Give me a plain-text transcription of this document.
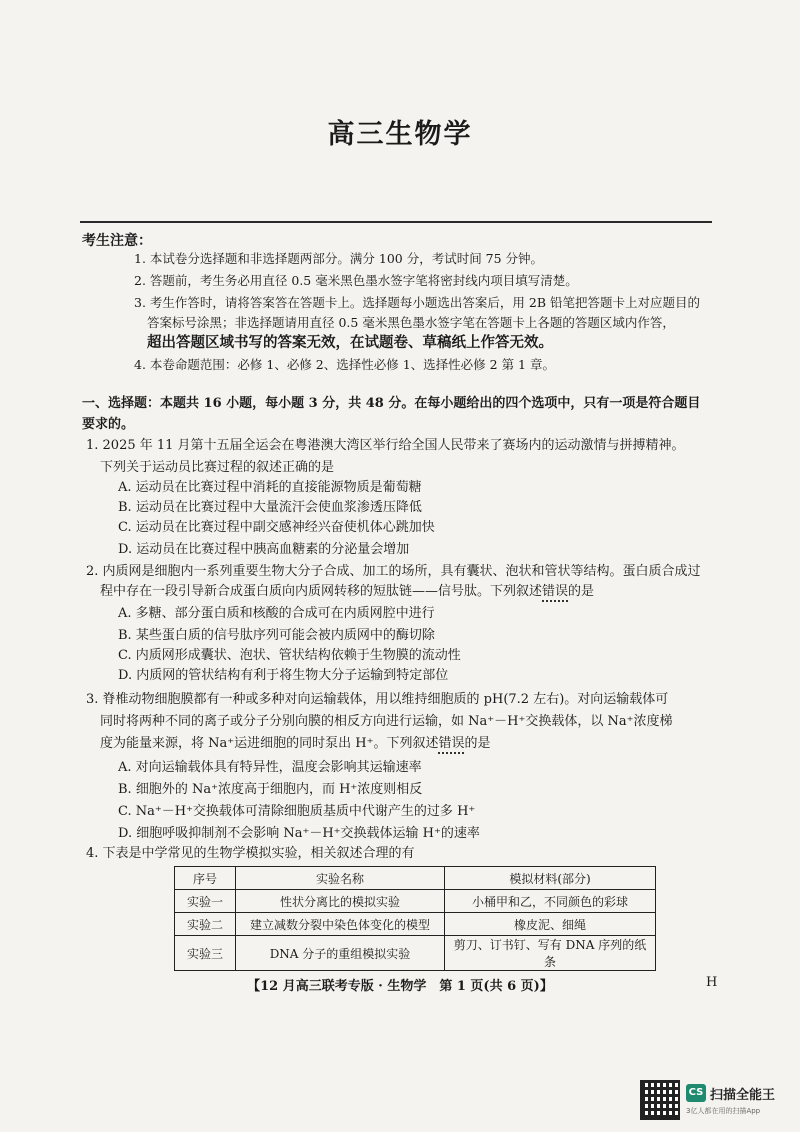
高三生物学
考生注意：
1. 本试卷分选择题和非选择题两部分。满分 100 分，考试时间 75 分钟。
2. 答题前，考生务必用直径 0.5 毫米黑色墨水签字笔将密封线内项目填写清楚。
3. 考生作答时，请将答案答在答题卡上。选择题每小题选出答案后，用 2B 铅笔把答题卡上对应题目的
答案标号涂黑；非选择题请用直径 0.5 毫米黑色墨水签字笔在答题卡上各题的答题区域内作答，
超出答题区域书写的答案无效，在试题卷、草稿纸上作答无效。
4. 本卷命题范围：必修 1、必修 2、选择性必修 1、选择性必修 2 第 1 章。
一、选择题：本题共 16 小题，每小题 3 分，共 48 分。在每小题给出的四个选项中，只有一项是符合题目要求的。
1. 2025 年 11 月第十五届全运会在粤港澳大湾区举行给全国人民带来了赛场内的运动激情与拼搏精神。
下列关于运动员比赛过程的叙述正确的是
A. 运动员在比赛过程中消耗的直接能源物质是葡萄糖
B. 运动员在比赛过程中大量流汗会使血浆渗透压降低
C. 运动员在比赛过程中副交感神经兴奋使机体心跳加快
D. 运动员在比赛过程中胰高血糖素的分泌量会增加
2. 内质网是细胞内一系列重要生物大分子合成、加工的场所，具有囊状、泡状和管状等结构。蛋白质合成过
程中存在一段引导新合成蛋白质向内质网转移的短肽链——信号肽。下列叙述错误的是
A. 多糖、部分蛋白质和核酸的合成可在内质网腔中进行
B. 某些蛋白质的信号肽序列可能会被内质网中的酶切除
C. 内质网形成囊状、泡状、管状结构依赖于生物膜的流动性
D. 内质网的管状结构有利于将生物大分子运输到特定部位
3. 脊椎动物细胞膜都有一种或多种对向运输载体，用以维持细胞质的 pH(7.2 左右)。对向运输载体可
同时将两种不同的离子或分子分别向膜的相反方向进行运输，如 Na⁺－H⁺交换载体，以 Na⁺浓度梯
度为能量来源，将 Na⁺运进细胞的同时泵出 H⁺。下列叙述错误的是
A. 对向运输载体具有特异性，温度会影响其运输速率
B. 细胞外的 Na⁺浓度高于细胞内，而 H⁺浓度则相反
C. Na⁺－H⁺交换载体可清除细胞质基质中代谢产生的过多 H⁺
D. 细胞呼吸抑制剂不会影响 Na⁺－H⁺交换载体运输 H⁺的速率
4. 下表是中学常见的生物学模拟实验，相关叙述合理的有
序号	实验名称	模拟材料(部分)
实验一	性状分离比的模拟实验	小桶甲和乙，不同颜色的彩球
实验二	建立减数分裂中染色体变化的模型	橡皮泥、细绳
实验三	DNA 分子的重组模拟实验	剪刀、订书钉、写有 DNA 序列的纸条
【12 月高三联考专版 · 生物学　第 1 页(共 6 页)】	H
CS 扫描全能王
3亿人都在用的扫描App
